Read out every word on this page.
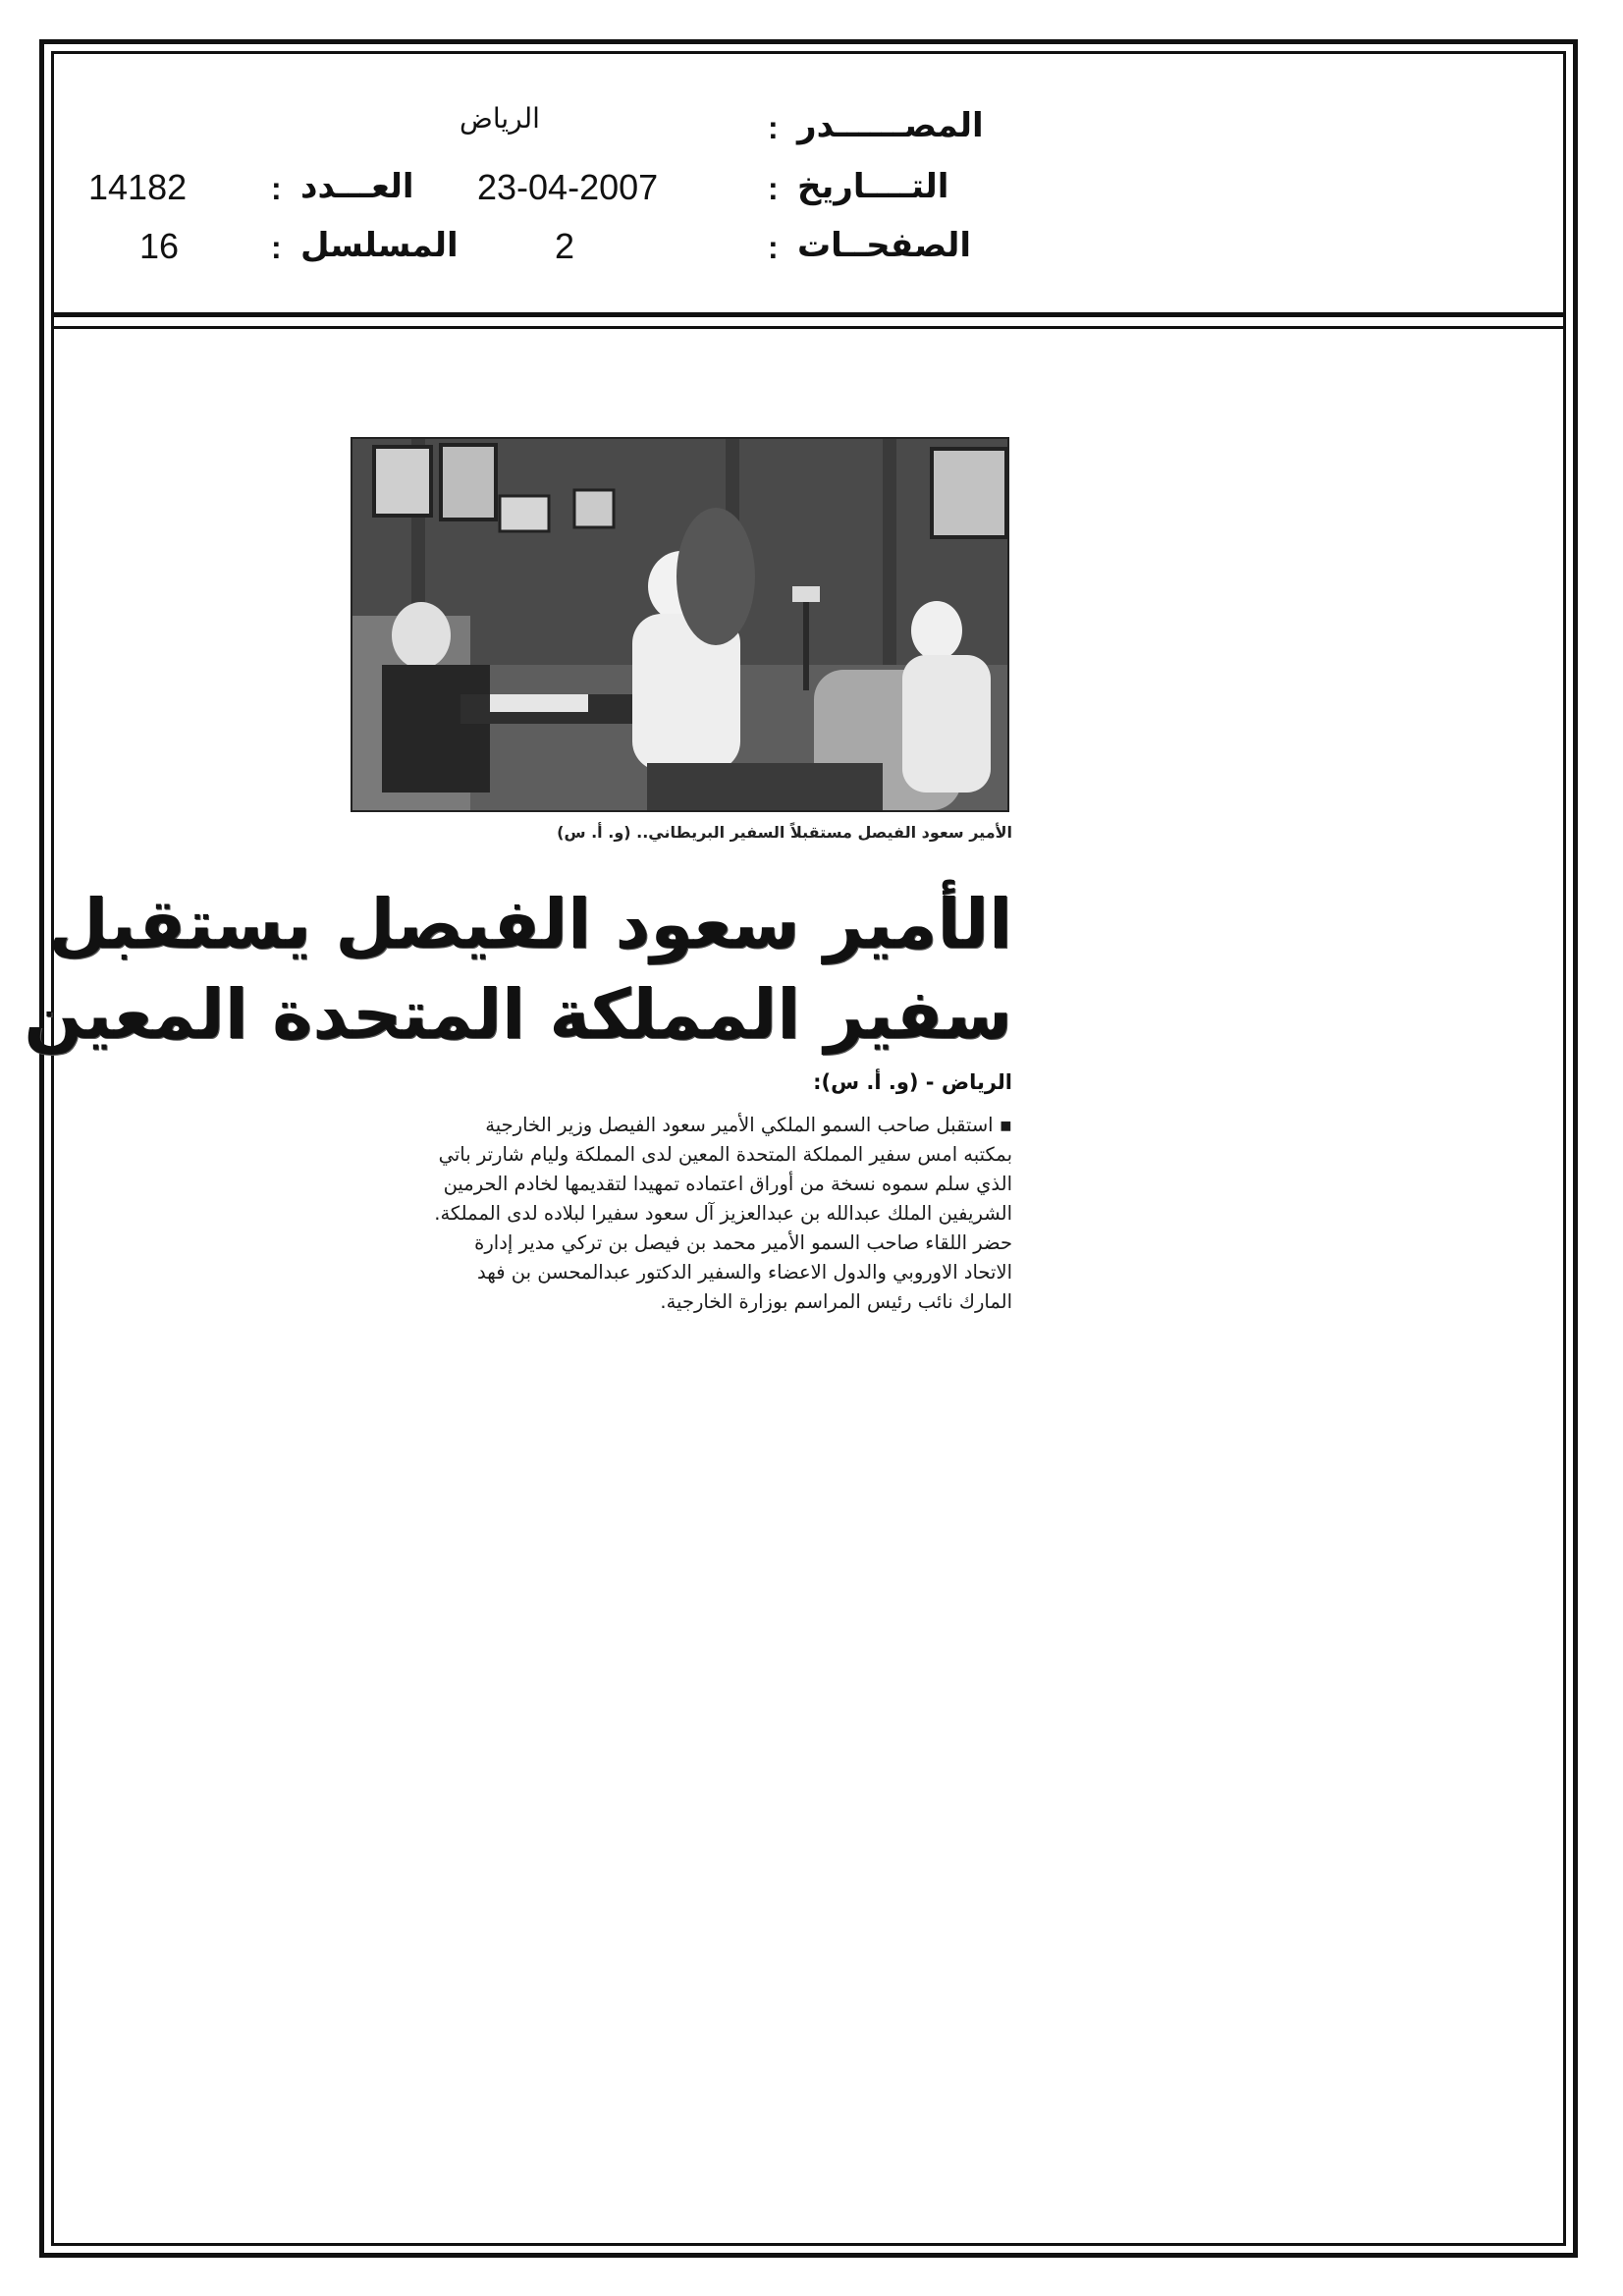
المصــــــدر
:
الرياض
التــــاريخ
:
23-04-2007
الصفحــات
:
2
العـــدد
:
14182
المسلسل
:
16
الأمير سعود الفيصل مستقبلاً السفير البريطاني.. (و. أ. س)
الأمير سعود الفيصل يستقبل
سفير المملكة المتحدة المعين
الرياض - (و. أ. س):
▪ استقبل صاحب السمو الملكي الأمير سعود الفيصل وزير الخارجية
بمكتبه امس سفير المملكة المتحدة المعين لدى المملكة وليام شارتر باتي
الذي سلم سموه نسخة من أوراق اعتماده تمهيدا لتقديمها لخادم الحرمين
الشريفين الملك عبدالله بن عبدالعزيز آل سعود سفيرا لبلاده لدى المملكة.
حضر اللقاء صاحب السمو الأمير محمد بن فيصل بن تركي مدير إدارة
الاتحاد الاوروبي والدول الاعضاء والسفير الدكتور عبدالمحسن بن فهد
المارك نائب رئيس المراسم بوزارة الخارجية.
